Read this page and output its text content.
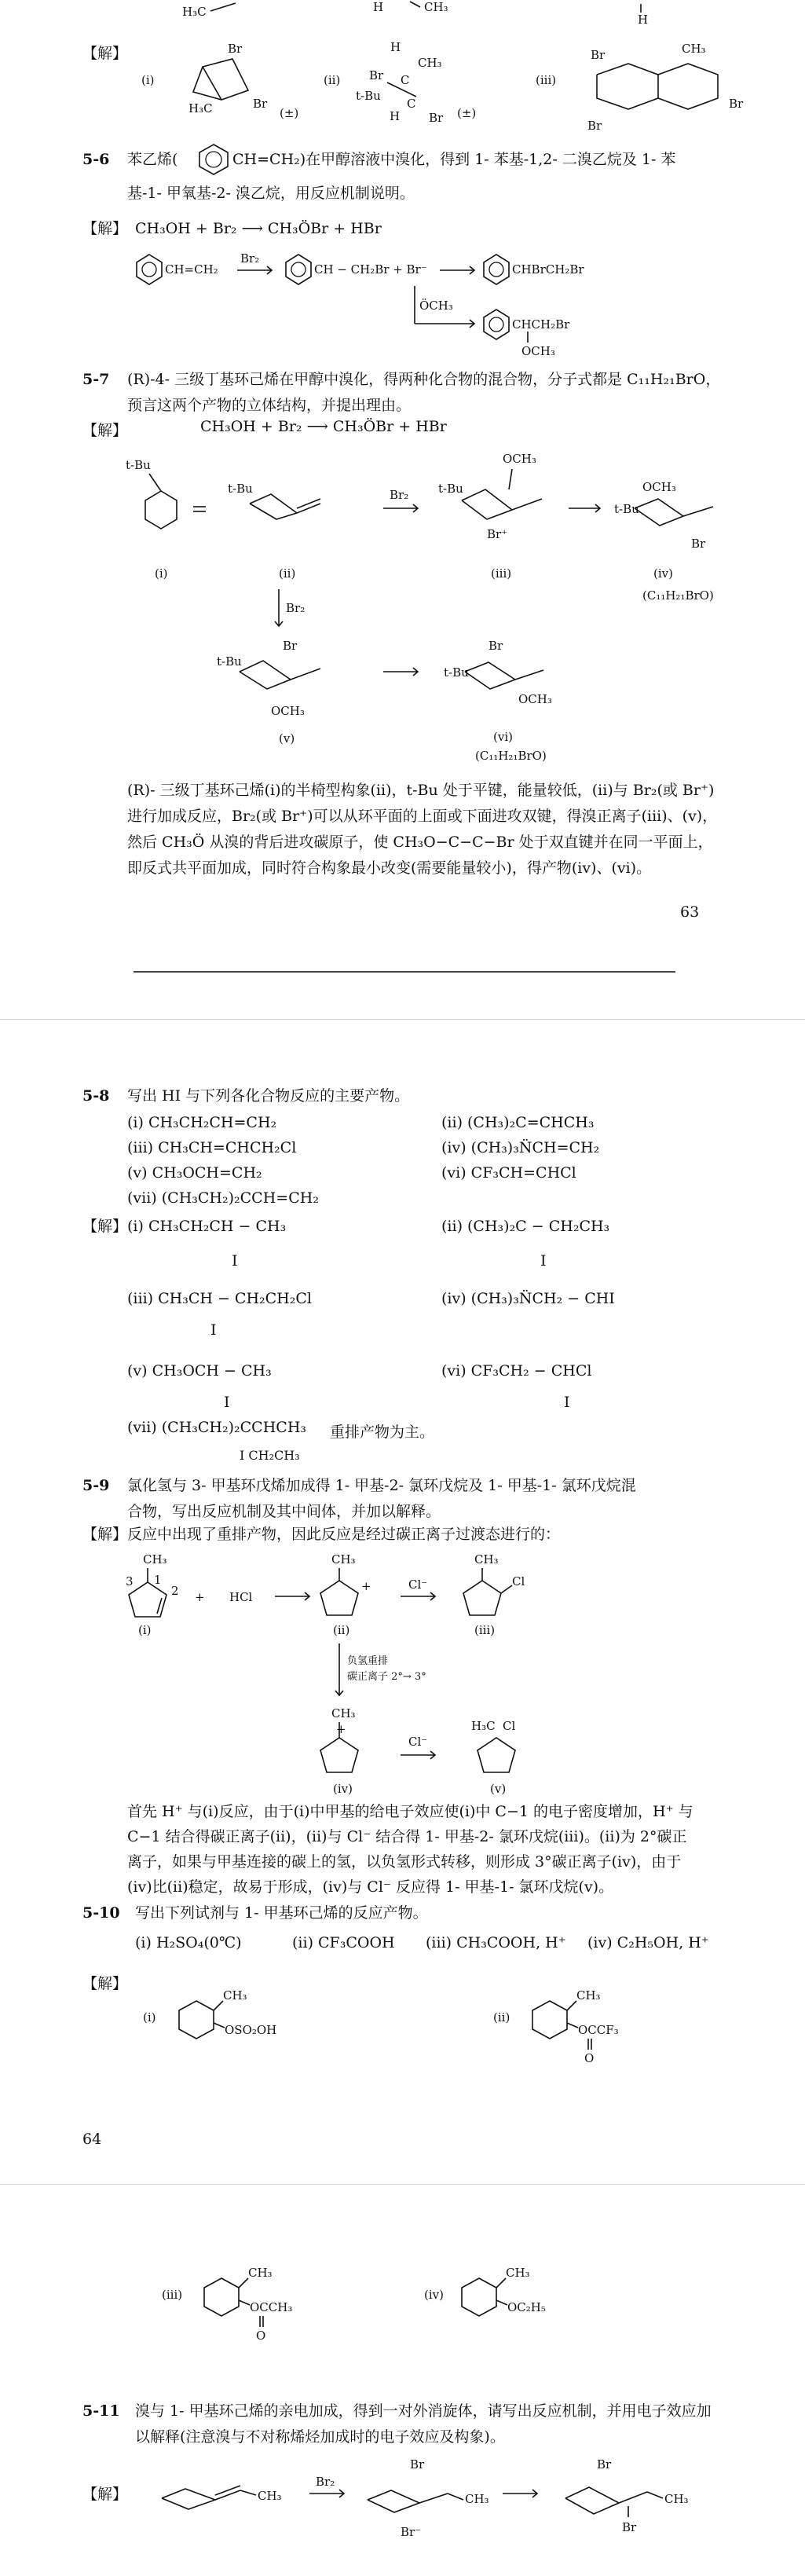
H₃C	H	CH₃
H
【解】
(i)
Br
H₃C	Br
(±)
(ii)
H
CH₃
Br C
t-Bu
C
H Br (±)
(iii)
Br	CH₃
Br
Br
5-6 苯乙烯(	CH=CH₂)在甲醇溶液中溴化，得到 1- 苯基-1,2- 二溴乙烷及 1- 苯
基-1- 甲氧基-2- 溴乙烷，用反应机制说明。
【解】 CH₃OH + Br₂ ⟶ CH₃ÖBr + HBr
CH=CH₂
Br₂
CH − CH₂Br + Br⁻	CHBrCH₂Br
ÖCH₃
CHCH₂Br
OCH₃
5-7 (R)-4- 三级丁基环己烯在甲醇中溴化，得两种化合物的混合物，分子式都是 C₁₁H₂₁BrO，
预言这两个产物的立体结构，并提出理由。
【解】	CH₃OH + Br₂ ⟶ CH₃ÖBr + HBr
t-Bu
(i)
t-Bu
(ii)
Br₂	t-Bu
OCH₃
Br⁺
(iii)
OCH₃
t-Bu
Br
(iv)
(C₁₁H₂₁BrO)
Br₂
Br
t-Bu
OCH₃
(v)
Br
t-Bu
OCH₃
(vi)
(C₁₁H₂₁BrO)
(R)- 三级丁基环己烯(i)的半椅型构象(ii)，t-Bu 处于平键，能量较低，(ii)与 Br₂(或 Br⁺)
进行加成反应，Br₂(或 Br⁺)可以从环平面的上面或下面进攻双键，得溴正离子(iii)、(v)，
然后 CH₃Ö 从溴的背后进攻碳原子，使 CH₃O−C−C−Br 处于双直键并在同一平面上，
即反式共平面加成，同时符合构象最小改变(需要能量较小)，得产物(iv)、(vi)。
63
5-8 写出 HI 与下列各化合物反应的主要产物。
(i) CH₃CH₂CH=CH₂	(ii) (CH₃)₂C=CHCH₃
(iii) CH₃CH=CHCH₂Cl	(iv) (CH₃)₃N̈CH=CH₂
(v) CH₃OCH=CH₂	(vi) CF₃CH=CHCl
(vii) (CH₃CH₂)₂CCH=CH₂
【解】 (i) CH₃CH₂CH − CH₃
I
(ii) (CH₃)₂C − CH₂CH₃
I
(iii) CH₃CH − CH₂CH₂Cl
I
(iv) (CH₃)₃N̈CH₂ − CHI
(v) CH₃OCH − CH₃
I
(vi) CF₃CH₂ − CHCl
I
(vii) (CH₃CH₂)₂CCHCH₃
I CH₂CH₃
重排产物为主。
5-9 氯化氢与 3- 甲基环戊烯加成得 1- 甲基-2- 氯环戊烷及 1- 甲基-1- 氯环戊烷混
合物，写出反应机制及其中间体，并加以解释。
【解】 反应中出现了重排产物，因此反应是经过碳正离子过渡态进行的：
CH₃
2
3 1
(i)
+ HCl
CH₃
+
(ii)
Cl⁻
CH₃
Cl
(iii)
负氢重排
碳正离子 2°→ 3°
CH₃
+
(iv)
Cl⁻
H₃C Cl
(v)
首先 H⁺ 与(i)反应，由于(i)中甲基的给电子效应使(i)中 C−1 的电子密度增加，H⁺ 与
C−1 结合得碳正离子(ii)，(ii)与 Cl⁻ 结合得 1- 甲基-2- 氯环戊烷(iii)。(ii)为 2°碳正
离子，如果与甲基连接的碳上的氢，以负氢形式转移，则形成 3°碳正离子(iv)，由于
(iv)比(ii)稳定，故易于形成，(iv)与 Cl⁻ 反应得 1- 甲基-1- 氯环戊烷(v)。
5-10 写出下列试剂与 1- 甲基环己烯的反应产物。
(i) H₂SO₄(0℃)	(ii) CF₃COOH (iii) CH₃COOH, H⁺ (iv) C₂H₅OH, H⁺
【解】
(i)
CH₃
OSO₂OH
(ii)
CH₃
OCCF₃
O
64
(iii)
CH₃
OCCH₃
O
(iv)
CH₃
OC₂H₅
5-11 溴与 1- 甲基环己烯的亲电加成，得到一对外消旋体，请写出反应机制，并用电子效应加
以解释(注意溴与不对称烯烃加成时的电子效应及构象)。
【解】	CH₃
Br₂
Br
CH₃
Br⁻
Br
CH₃
Br
